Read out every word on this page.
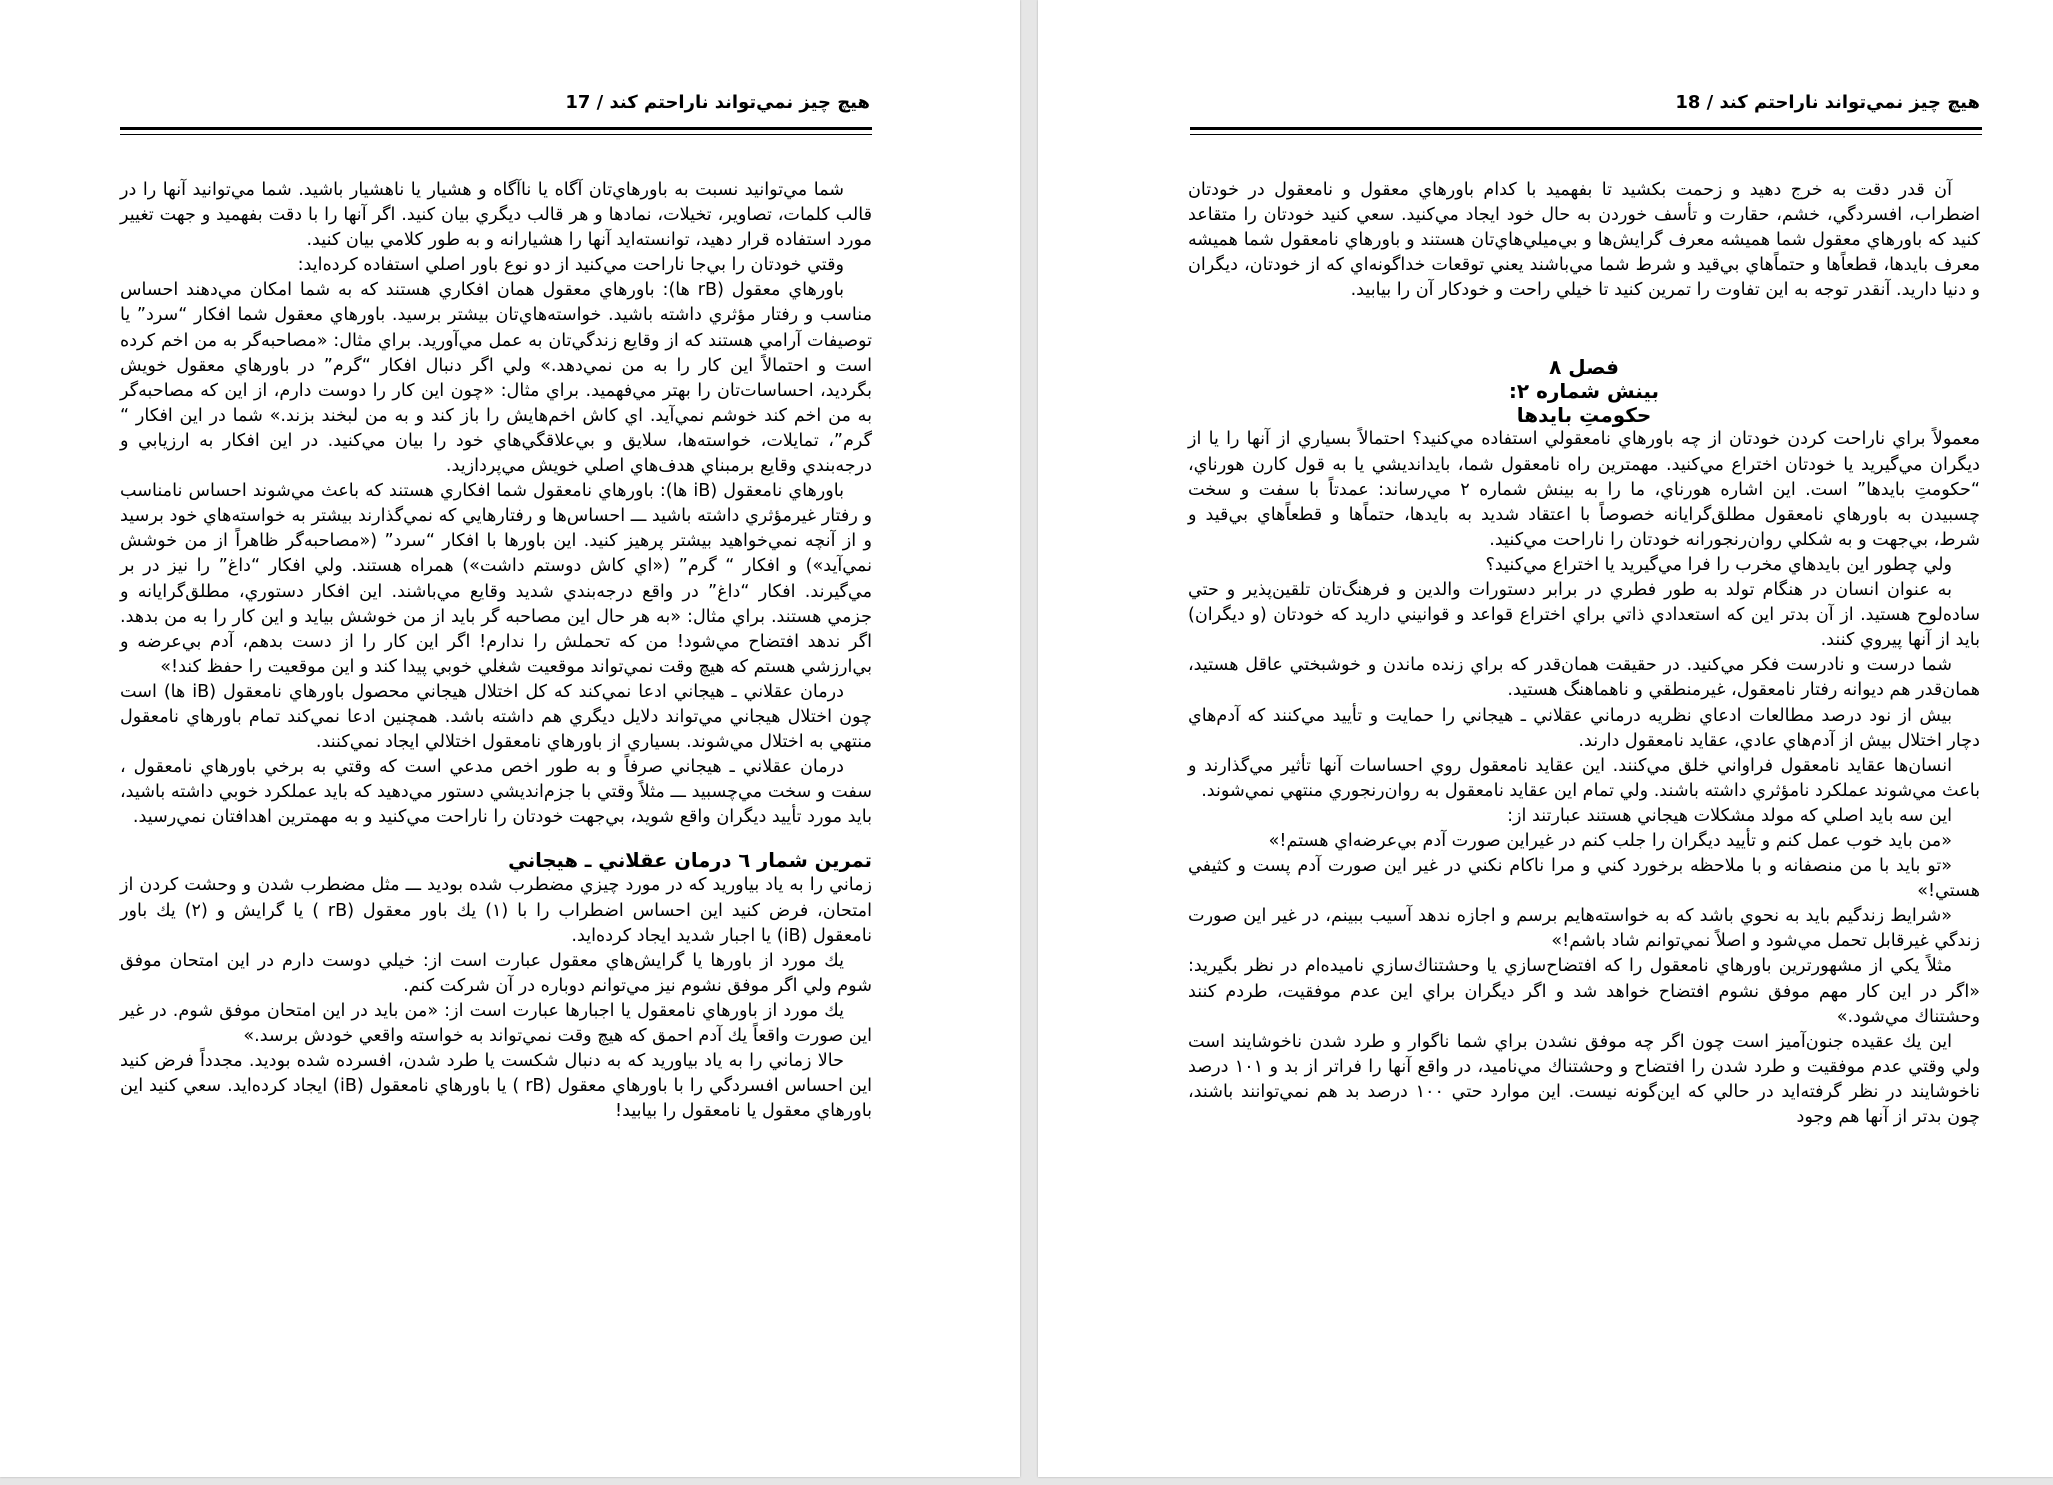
هيچ چيز نمي‌تواند ناراحتم كند / 17

شما مي‌توانيد نسبت به باورهاي‌تان آگاه يا ناآگاه و هشيار يا ناهشيار باشيد. شما مي‌توانيد آنها را در قالب كلمات، تصاوير، تخيلات، نمادها و هر قالب ديگري بيان كنيد. اگر آنها را با دقت بفهميد و جهت تغيير مورد استفاده قرار دهيد، توانسته‌ايد آنها را هشيارانه و به طور كلامي بيان كنيد.

وقتي خودتان را بي‌جا ناراحت مي‌كنيد از دو نوع باور اصلي استفاده كرده‌ايد:

باورهاي معقول (rB ها): باورهاي معقول همان افكاري هستند كه به شما امكان مي‌دهند احساس مناسب و رفتار مؤثري داشته باشيد. خواسته‌هاي‌تان بيشتر برسيد. باورهاي معقول شما افكار “سرد” يا توصيفات آرامي هستند كه از وقايع زندگي‌تان به عمل مي‌آوريد. براي مثال: «مصاحبه‌گر به من اخم كرده است و احتمالاً اين كار را به من نمي‌دهد.» ولي اگر دنبال افكار “گرم” در باورهاي معقول خويش بگرديد، احساسات‌تان را بهتر مي‌فهميد. براي مثال: «چون اين كار را دوست دارم، از اين كه مصاحبه‌گر به من اخم كند خوشم نمي‌آيد. اي كاش اخم‌هايش را باز كند و به من لبخند بزند.» شما در اين افكار “ گرم”، تمايلات، خواسته‌ها، سلايق و بي‌علاقگي‌هاي خود را بيان مي‌كنيد. در اين افكار به ارزيابي و درجه‌بندي وقايع برمبناي هدف‌هاي اصلي خويش مي‌پردازيد.

باورهاي نامعقول (iB ها): باورهاي نامعقول شما افكاري هستند كه باعث مي‌شوند احساس نامناسب و رفتار غيرمؤثري داشته باشيد ـــ احساس‌ها و رفتارهايي كه نمي‌گذارند بيشتر به خواسته‌هاي خود برسيد و از آنچه نمي‌خواهيد بيشتر پرهيز كنيد. اين باورها با افكار “سرد” («مصاحبه‌گر ظاهراً از من خوشش نمي‌آيد») و افكار “ گرم” («اي كاش دوستم داشت») همراه هستند. ولي افكار “داغ” را نيز در بر مي‌گيرند. افكار “داغ” در واقع درجه‌بندي شديد وقايع مي‌باشند. اين افكار دستوري، مطلق‌گرايانه و جزمي هستند. براي مثال: «به هر حال اين مصاحبه گر بايد از من خوشش بيايد و اين كار را به من بدهد. اگر ندهد افتضاح مي‌شود! من كه تحملش را ندارم! اگر اين كار را از دست بدهم، آدم بي‌عرضه و بي‌ارزشي هستم كه هيچ وقت نمي‌تواند موقعيت شغلي خوبي پيدا كند و اين موقعيت را حفظ كند!»

درمان عقلاني ـ هيجاني ادعا نمي‌كند كه كل اختلال هيجاني محصول باورهاي نامعقول (iB ها) است چون اختلال هيجاني مي‌تواند دلايل ديگري هم داشته باشد. همچنين ادعا نمي‌كند تمام باورهاي نامعقول منتهي به اختلال مي‌شوند. بسياري از باورهاي نامعقول اختلالي ايجاد نمي‌كنند.

درمان عقلاني ـ هيجاني صرفاً و به طور اخص مدعي است كه وقتي به برخي باورهاي نامعقول ، سفت و سخت مي‌چسبيد ـــ مثلاً وقتي با جزم‌انديشي دستور مي‌دهيد كه بايد عملكرد خوبي داشته باشيد، بايد مورد تأييد ديگران واقع شويد، بي‌جهت خودتان را ناراحت مي‌كنيد و به مهمترين اهدافتان نمي‌رسيد.

تمرين شمار ٦ درمان عقلاني ـ هيجاني

زماني را به ياد بياوريد كه در مورد چيزي مضطرب شده بوديد ـــ مثل مضطرب شدن و وحشت كردن از امتحان، فرض كنيد اين احساس اضطراب را با (١) يك باور معقول (rB ) يا گرايش و (٢) يك باور نامعقول (iB) يا اجبار شديد ايجاد كرده‌ايد.

يك مورد از باورها يا گرايش‌هاي معقول عبارت است از: خيلي دوست دارم در اين امتحان موفق شوم ولي اگر موفق نشوم نيز مي‌توانم دوباره در آن شركت كنم.

يك مورد از باورهاي نامعقول يا اجبارها عبارت است از: «من بايد در اين امتحان موفق شوم. در غير اين صورت واقعاً يك آدم احمق كه هيچ وقت نمي‌تواند به خواسته واقعي خودش برسد.»

حالا زماني را به ياد بياوريد كه به دنبال شكست يا طرد شدن، افسرده شده بوديد. مجدداً فرض كنيد اين احساس افسردگي را با باورهاي معقول (rB ) يا باورهاي نامعقول (iB) ايجاد كرده‌ايد. سعي كنيد اين باورهاي معقول يا نامعقول را بيابيد!

هيچ چيز نمي‌تواند ناراحتم كند / 18

آن قدر دقت به خرج دهيد و زحمت بكشيد تا بفهميد با كدام باورهاي معقول و نامعقول در خودتان اضطراب، افسردگي، خشم، حقارت و تأسف خوردن به حال خود ايجاد مي‌كنيد. سعي كنيد خودتان را متقاعد كنيد كه باورهاي معقول شما هميشه معرف گرايش‌ها و بي‌ميلي‌هاي‌تان هستند و باورهاي نامعقول شما هميشه معرف بايدها، قطعاًها و حتماًهاي بي‌قيد و شرط شما مي‌باشند يعني توقعات خداگونه‌اي كه از خودتان، ديگران و دنيا داريد. آنقدر توجه به اين تفاوت را تمرين كنيد تا خيلي راحت و خودكار آن را بيابيد.

فصل ٨
بينش شماره ٢:
حكومتِ بايدها

معمولاً براي ناراحت كردن خودتان از چه باورهاي نامعقولي استفاده مي‌كنيد؟ احتمالاً بسياري از آنها را يا از ديگران مي‌گيريد يا خودتان اختراع مي‌كنيد. مهمترين راه نامعقول شما، بايدانديشي يا به قول كارن هورناي، “حكومتِ بايدها” است. اين اشاره هورناي، ما را به بينش شماره ٢ مي‌رساند: عمدتاً با سفت و سخت چسبيدن به باورهاي نامعقول مطلق‌گرايانه خصوصاً با اعتقاد شديد به بايدها، حتماًها و قطعاًهاي بي‌قيد و شرط، بي‌جهت و به شكلي روان‌رنجورانه خودتان را ناراحت مي‌كنيد.

ولي چطور اين بايدهاي مخرب را فرا مي‌گيريد يا اختراع مي‌كنيد؟

به عنوان انسان در هنگام تولد به طور فطري در برابر دستورات والدين و فرهنگ‌تان تلقين‌پذير و حتي ساده‌لوح هستيد. از آن بدتر اين كه استعدادي ذاتي براي اختراع قواعد و قوانيني داريد كه خودتان (و ديگران) بايد از آنها پيروي كنند.

شما درست و نادرست فكر مي‌كنيد. در حقيقت همان‌قدر كه براي زنده ماندن و خوشبختي عاقل هستيد، همان‌قدر هم ديوانه رفتار نامعقول، غيرمنطقي و ناهماهنگ هستيد.

بيش از نود درصد مطالعات ادعاي نظريه درماني عقلاني ـ هيجاني را حمايت و تأييد مي‌كنند كه آدم‌هاي دچار اختلال بيش از آدم‌هاي عادي، عقايد نامعقول دارند.

انسان‌ها عقايد نامعقول فراواني خلق مي‌كنند. اين عقايد نامعقول روي احساسات آنها تأثير مي‌گذارند و باعث مي‌شوند عملكرد نامؤثري داشته باشند. ولي تمام اين عقايد نامعقول به روان‌رنجوري منتهي نمي‌شوند.

اين سه بايد اصلي كه مولد مشكلات هيجاني هستند عبارتند از:

«من بايد خوب عمل كنم و تأييد ديگران را جلب كنم در غيراين صورت آدم بي‌عرضه‌اي هستم!»

«تو بايد با من منصفانه و با ملاحظه برخورد كني و مرا ناكام نكني در غير اين صورت آدم پست و كثيفي هستي!»

«شرايط زندگيم بايد به نحوي باشد كه به خواسته‌هايم برسم و اجازه ندهد آسيب ببينم، در غير اين صورت زندگي غيرقابل تحمل مي‌شود و اصلاً نمي‌توانم شاد باشم!»

مثلاً يكي از مشهورترين باورهاي نامعقول را كه افتضاح‌سازي يا وحشتناك‌سازي ناميده‌ام در نظر بگيريد: «اگر در اين كار مهم موفق نشوم افتضاح خواهد شد و اگر ديگران براي اين عدم موفقيت، طردم كنند وحشتناك مي‌شود.»

اين يك عقيده جنون‌آميز است چون اگر چه موفق نشدن براي شما ناگوار و طرد شدن ناخوشايند است ولي وقتي عدم موفقيت و طرد شدن را افتضاح و وحشتناك مي‌ناميد، در واقع آنها را فراتر از بد و ١٠١ درصد ناخوشايند در نظر گرفته‌ايد در حالي كه اين‌گونه نيست. اين موارد حتي ١٠٠ درصد بد هم نمي‌توانند باشند، چون بدتر از آنها هم وجود
